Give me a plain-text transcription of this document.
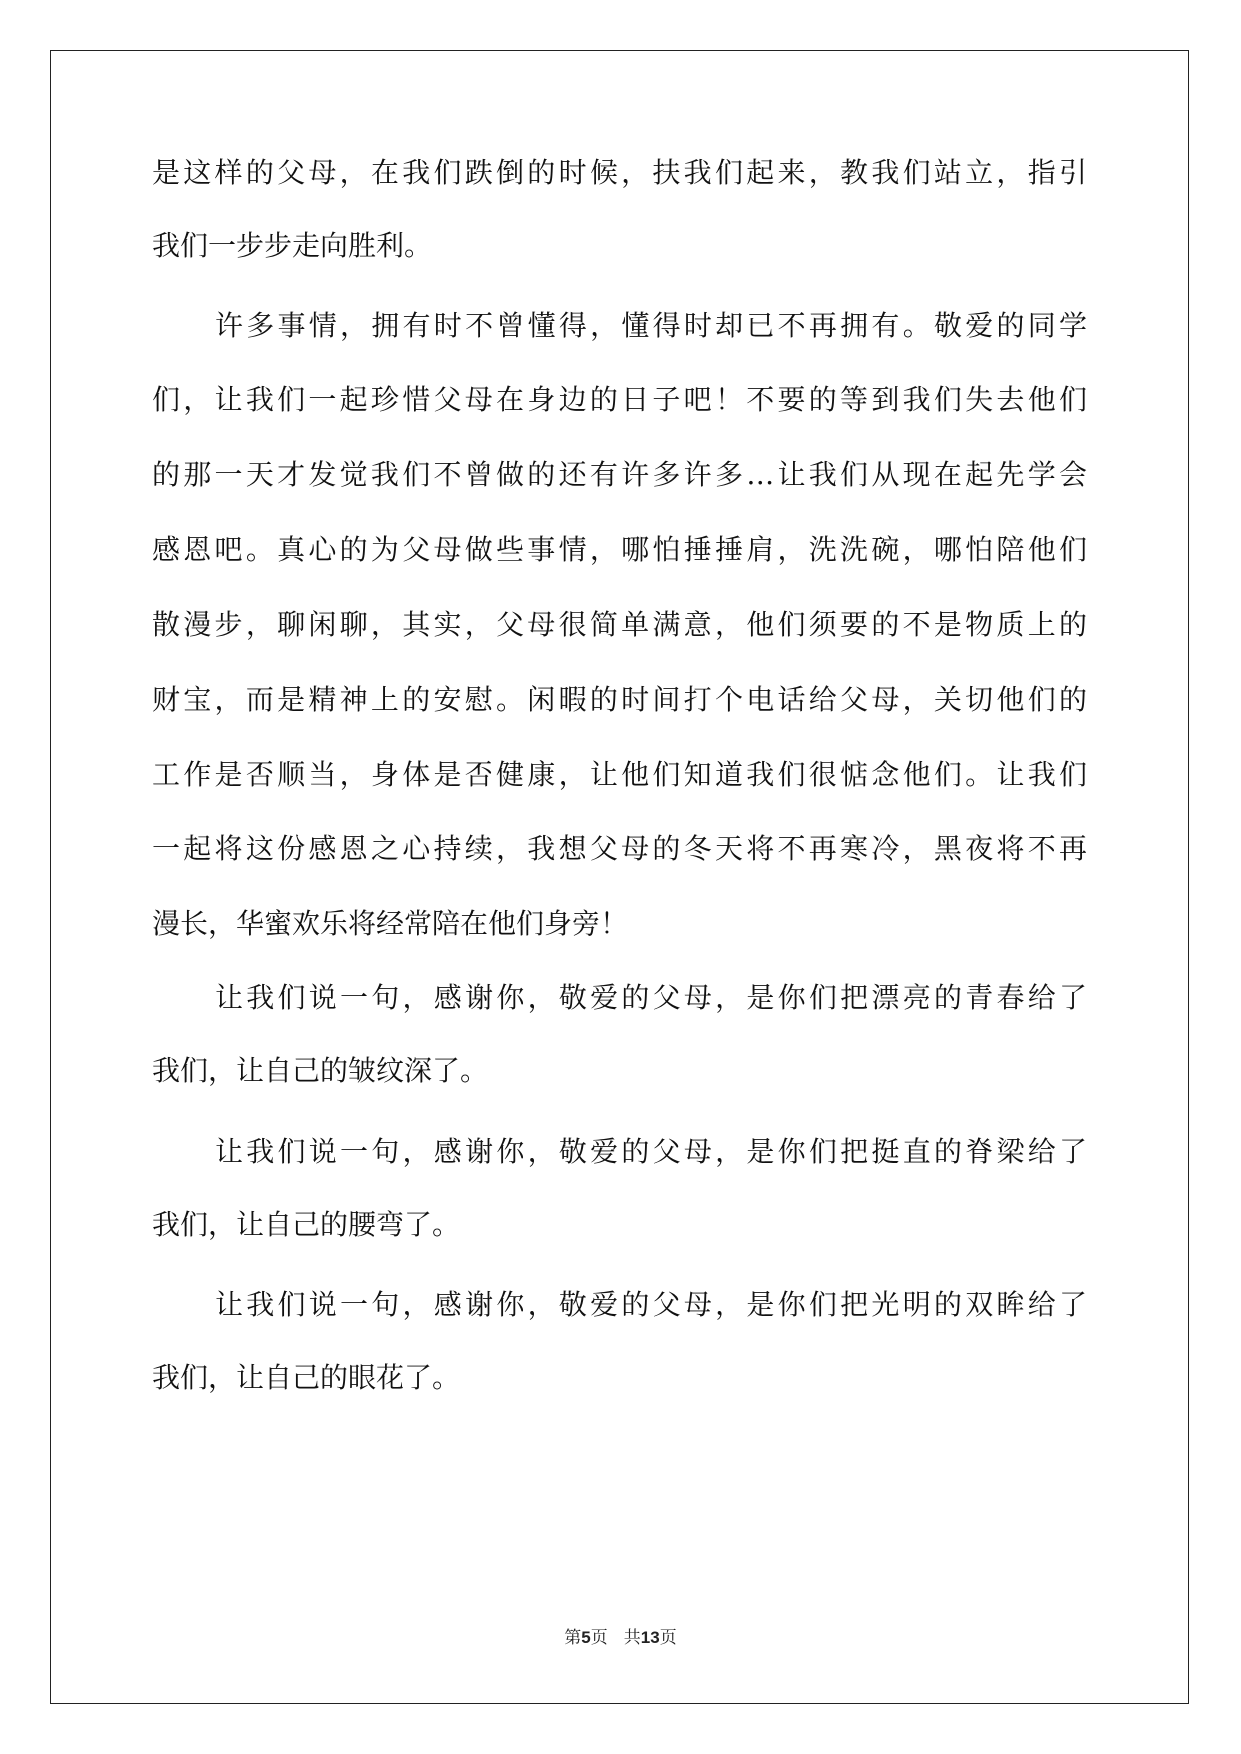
是这样的父母，在我们跌倒的时候，扶我们起来，教我们站立，指引
我们一步步走向胜利。
许多事情，拥有时不曾懂得，懂得时却已不再拥有。敬爱的同学
们，让我们一起珍惜父母在身边的日子吧！不要的等到我们失去他们
的那一天才发觉我们不曾做的还有许多许多…让我们从现在起先学会
感恩吧。真心的为父母做些事情，哪怕捶捶肩，洗洗碗，哪怕陪他们
散漫步，聊闲聊，其实，父母很简单满意，他们须要的不是物质上的
财宝，而是精神上的安慰。闲暇的时间打个电话给父母，关切他们的
工作是否顺当，身体是否健康，让他们知道我们很惦念他们。让我们
一起将这份感恩之心持续，我想父母的冬天将不再寒冷，黑夜将不再
漫长，华蜜欢乐将经常陪在他们身旁！
让我们说一句，感谢你，敬爱的父母，是你们把漂亮的青春给了
我们，让自己的皱纹深了。
让我们说一句，感谢你，敬爱的父母，是你们把挺直的脊梁给了
我们，让自己的腰弯了。
让我们说一句，感谢你，敬爱的父母，是你们把光明的双眸给了
我们，让自己的眼花了。
第5页 共13页
